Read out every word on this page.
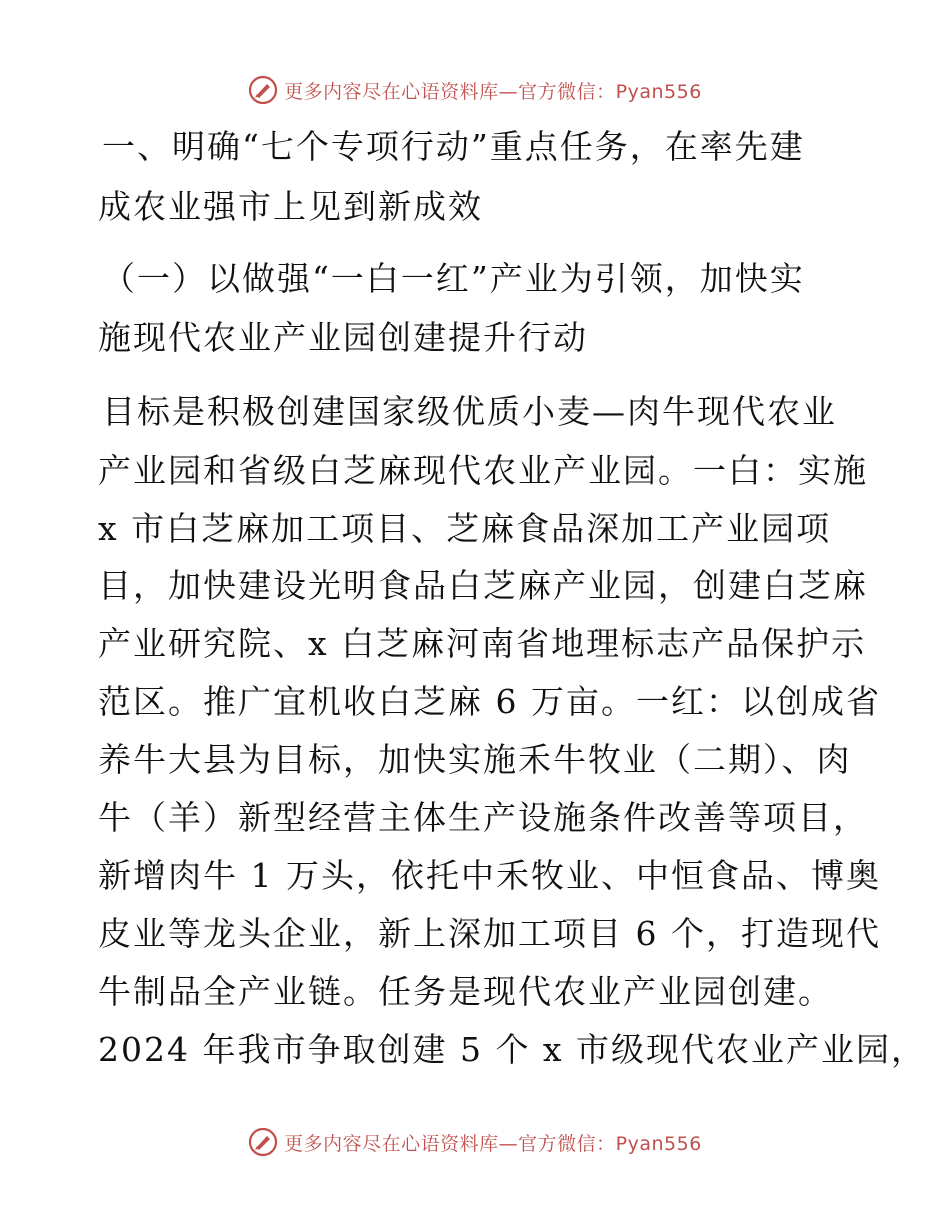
更多内容尽在心语资料库—官方微信：Pyan556
一、明确“七个专项行动”重点任务，在率先建
成农业强市上见到新成效
（一）以做强“一白一红”产业为引领，加快实
施现代农业产业园创建提升行动
目标是积极创建国家级优质小麦—肉牛现代农业
产业园和省级白芝麻现代农业产业园。一白：实施
x 市白芝麻加工项目、芝麻食品深加工产业园项
目，加快建设光明食品白芝麻产业园，创建白芝麻
产业研究院、x 白芝麻河南省地理标志产品保护示
范区。推广宜机收白芝麻 6 万亩。一红：以创成省
养牛大县为目标，加快实施禾牛牧业（二期）、肉
牛（羊）新型经营主体生产设施条件改善等项目，
新增肉牛 1 万头，依托中禾牧业、中恒食品、博奥
皮业等龙头企业，新上深加工项目 6 个，打造现代
牛制品全产业链。任务是现代农业产业园创建。
2024 年我市争取创建 5 个 x 市级现代农业产业园，
更多内容尽在心语资料库—官方微信：Pyan556
